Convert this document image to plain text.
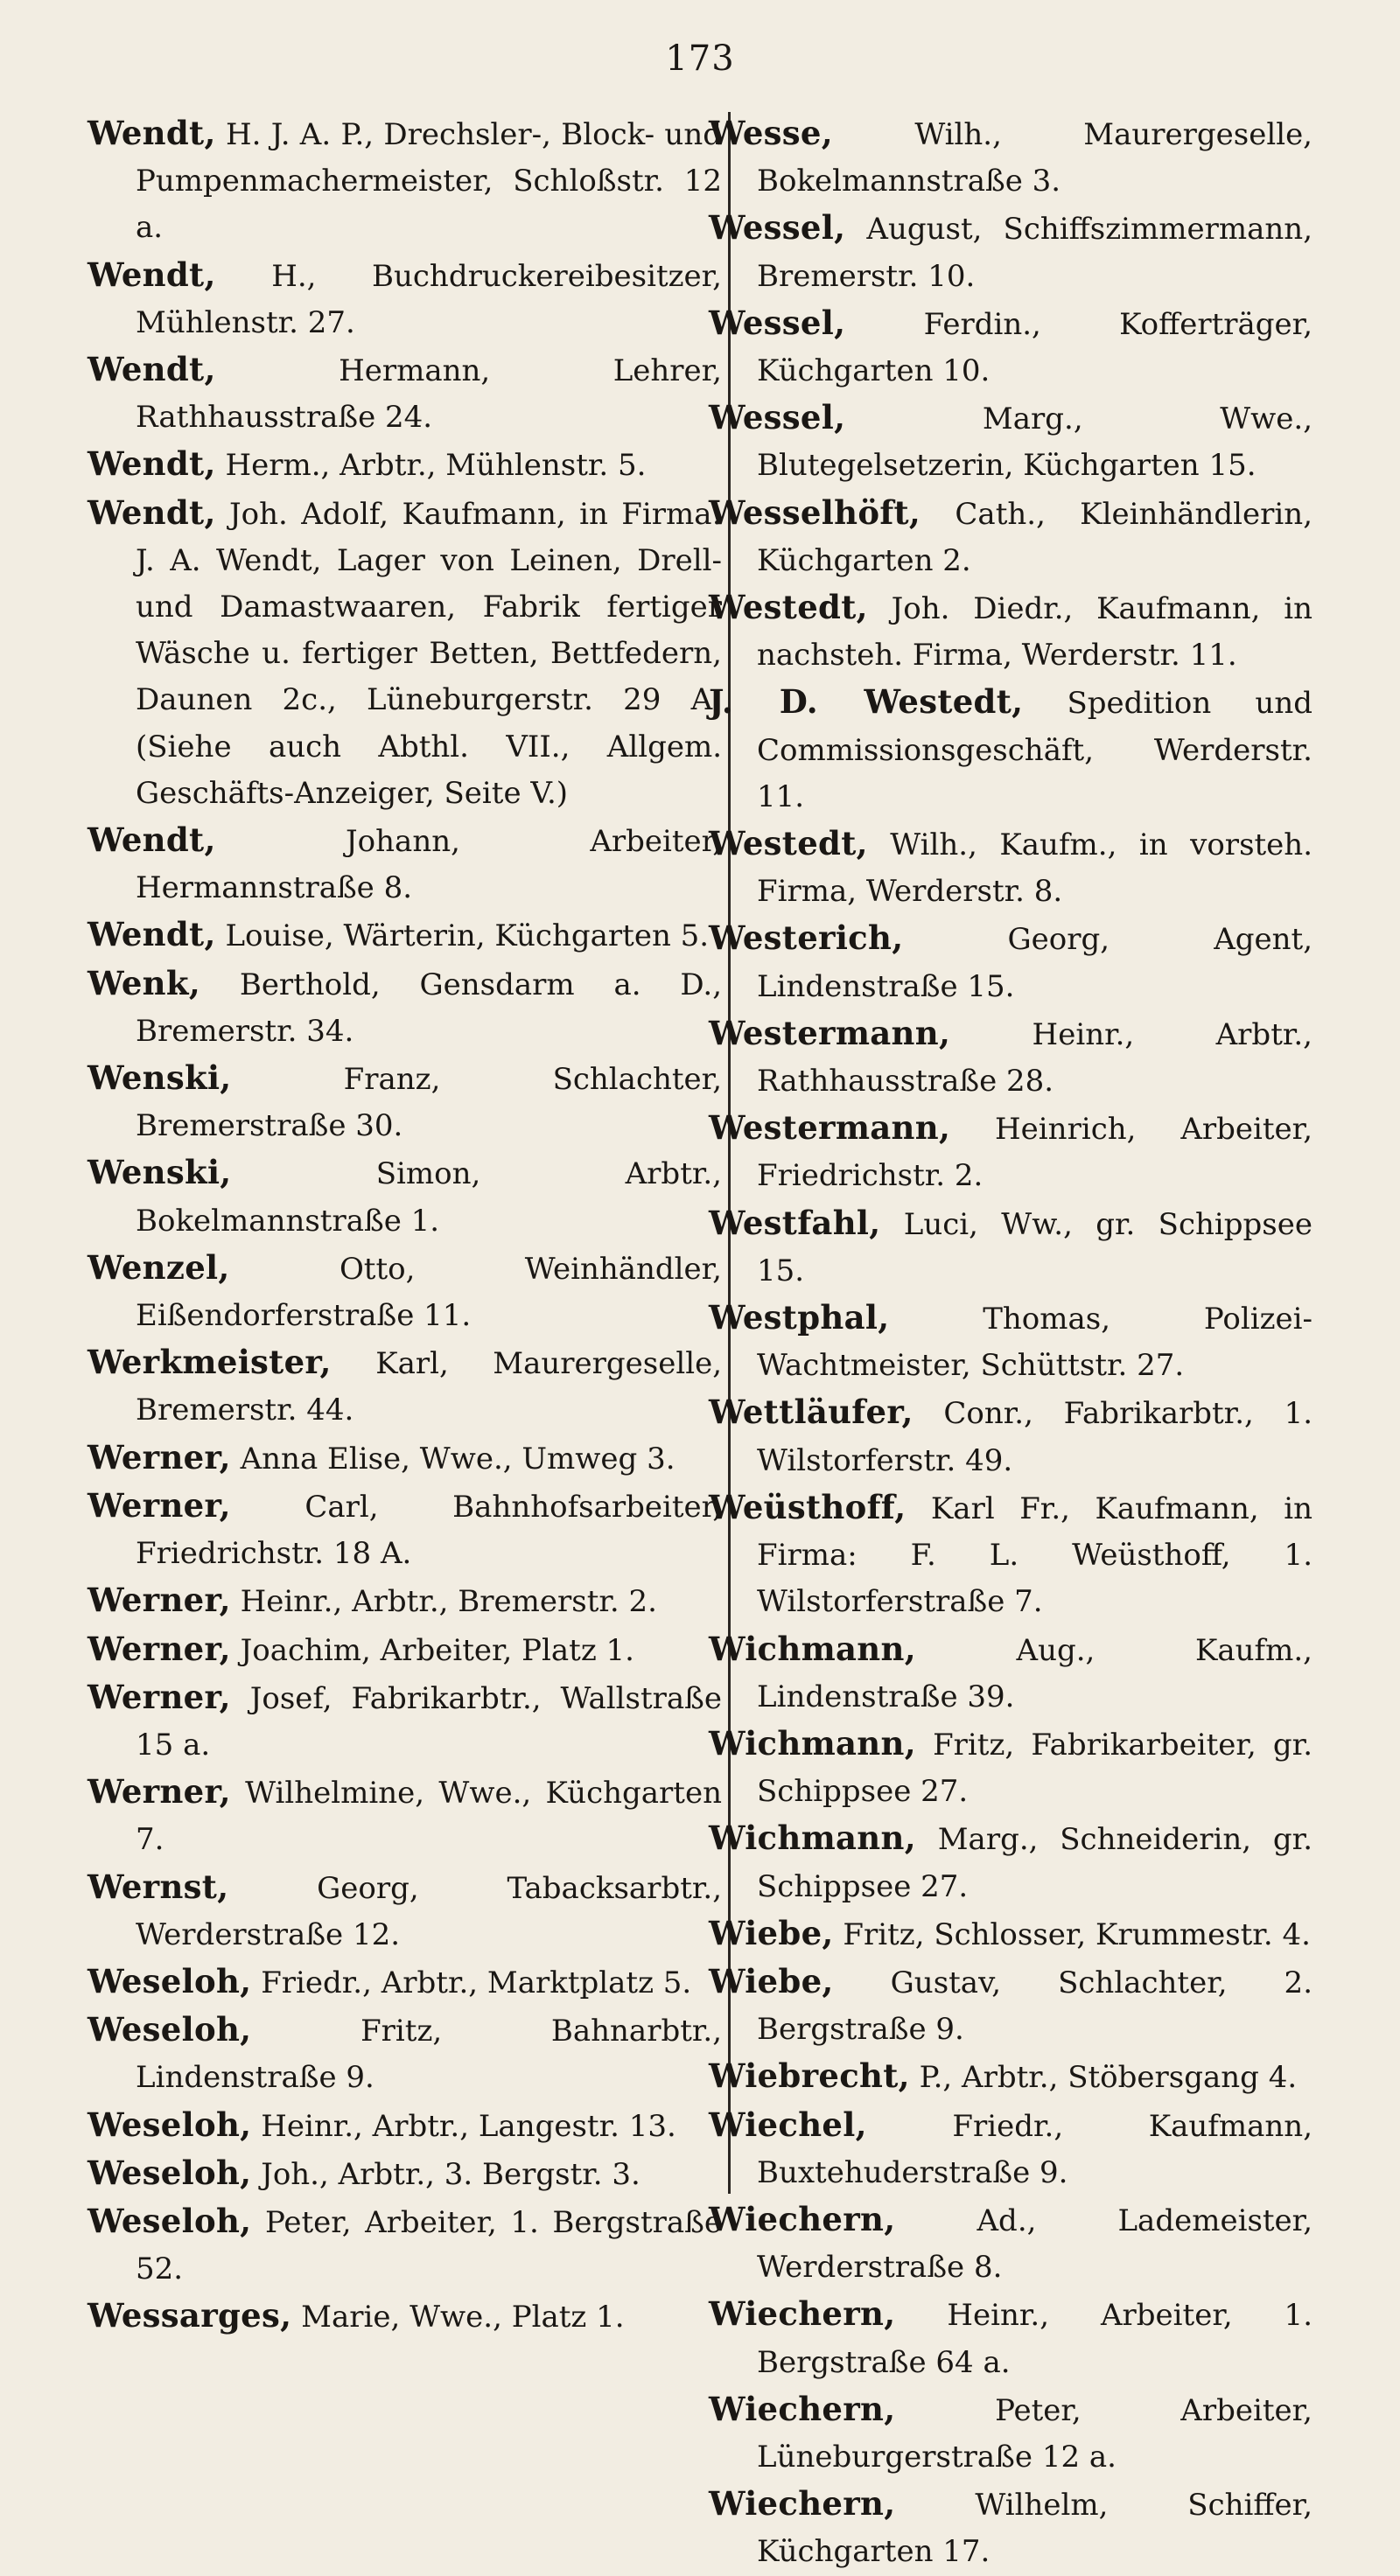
173

Wendt, H. J. A. P., Drechsler-, Block- und Pumpenmachermeister, Schloßstr. 12 a.

Wendt, H., Buchdruckereibesitzer, Mühlenstr. 27.

Wendt,	Hermann, Lehrer, Rathhausstraße 24.

Wendt, Herm., Arbtr., Mühlenstr. 5.

Wendt, Joh. Adolf, Kaufmann, in Firma: J. A. Wendt, Lager von Leinen, Drell- und Damastwaaren, Fabrik fertiger Wäsche u. fertiger Betten, Bettfedern, Daunen 2c., Lüneburgerstr. 29 A. (Siehe auch Abthl. VII., Allgem. Geschäfts-Anzeiger, Seite V.)

Wendt,	Johann, Arbeiter, Hermannstraße 8.

Wendt, Louise, Wärterin, Küchgarten 5.

Wenk, Berthold, Gensdarm a. D., Bremerstr. 34.

Wenski,	Franz, Schlachter, Bremerstraße 30.

Wenski,	Simon, Arbtr., Bokelmannstraße 1.

Wenzel,	Otto, Weinhändler, Eißendorferstraße 11.

Werkmeister, Karl, Maurergeselle, Bremerstr. 44.

Werner, Anna Elise, Wwe., Umweg 3.

Werner, Carl, Bahnhofsarbeiter, Friedrichstr. 18 A.

Werner, Heinr., Arbtr., Bremerstr. 2.

Werner, Joachim, Arbeiter, Platz 1.

Werner, Josef, Fabrikarbtr., Wallstraße 15 a.

Werner, Wilhelmine, Wwe., Küchgarten 7.

Wernst,	Georg, Tabacksarbtr., Werderstraße 12.

Weseloh, Friedr., Arbtr., Marktplatz 5.

Weseloh,	Fritz, Bahnarbtr., Lindenstraße 9.

Weseloh, Heinr., Arbtr., Langestr. 13.

Weseloh, Joh., Arbtr., 3. Bergstr. 3.

Weseloh, Peter, Arbeiter, 1. Bergstraße 52.

Wessarges, Marie, Wwe., Platz 1.

Wesse,	Wilh., Maurergeselle, Bokelmannstraße 3.

Wessel, August, Schiffszimmermann, Bremerstr. 10.

Wessel,	Ferdin., Kofferträger, Küchgarten 10.

Wessel,	Marg., Wwe., Blutegelsetzerin, Küchgarten 15.

Wesselhöft, Cath., Kleinhändlerin, Küchgarten 2.

Westedt, Joh. Diedr., Kaufmann, in nachsteh. Firma, Werderstr. 11.

J. D. Westedt, Spedition und Commissionsgeschäft, Werderstr. 11.

Westedt, Wilh., Kaufm., in vorsteh. Firma, Werderstr. 8.

Westerich,	Georg, Agent, Lindenstraße 15.

Westermann,	Heinr., Arbtr., Rathhausstraße 28.

Westermann, Heinrich, Arbeiter, Friedrichstr. 2.

Westfahl, Luci, Ww., gr. Schippsee 15.

Westphal,	Thomas, Polizei-Wachtmeister, Schüttstr. 27.

Wettläufer, Conr., Fabrikarbtr., 1. Wilstorferstr. 49.

Weüsthoff, Karl Fr., Kaufmann, in Firma: F. L. Weüsthoff, 1. Wilstorferstraße 7.

Wichmann,	Aug., Kaufm., Lindenstraße 39.

Wichmann, Fritz, Fabrikarbeiter, gr. Schippsee 27.

Wichmann, Marg., Schneiderin, gr. Schippsee 27.

Wiebe, Fritz, Schlosser, Krummestr. 4.

Wiebe, Gustav, Schlachter, 2. Bergstraße 9.

Wiebrecht, P., Arbtr., Stöbersgang 4.

Wiechel,	Friedr., Kaufmann, Buxtehuderstraße 9.

Wiechern,	Ad., Lademeister, Werderstraße 8.

Wiechern, Heinr., Arbeiter, 1. Bergstraße 64 a.

Wiechern,	Peter, Arbeiter, Lüneburgerstraße 12 a.

Wiechern,	Wilhelm, Schiffer, Küchgarten 17.
